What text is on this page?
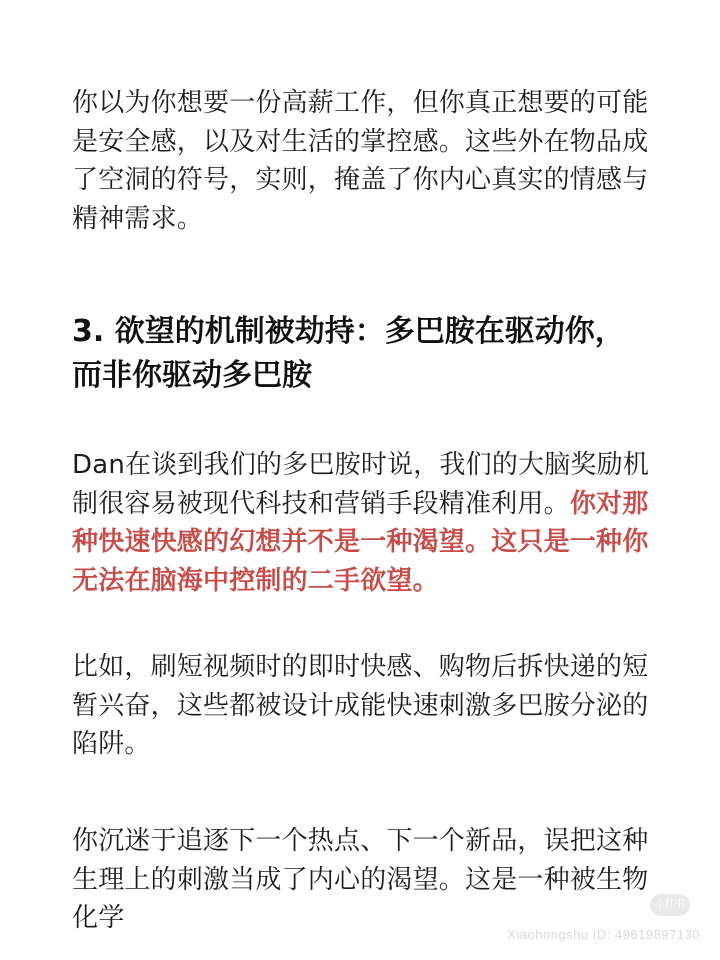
你以为你想要一份高薪工作，但你真正想要的可能是安全感，以及对生活的掌控感。这些外在物品成了空洞的符号，实则，掩盖了你内心真实的情感与精神需求。

3. 欲望的机制被劫持：多巴胺在驱动你，而非你驱动多巴胺

Dan在谈到我们的多巴胺时说，我们的大脑奖励机制很容易被现代科技和营销手段精准利用。你对那种快速快感的幻想并不是一种渴望。这只是一种你无法在脑海中控制的二手欲望。

比如，刷短视频时的即时快感、购物后拆快递的短暂兴奋，这些都被设计成能快速刺激多巴胺分泌的陷阱。

你沉迷于追逐下一个热点、下一个新品，误把这种生理上的刺激当成了内心的渴望。这是一种被生物化学	小红书
Xiaohongshu ID: 49619897130
